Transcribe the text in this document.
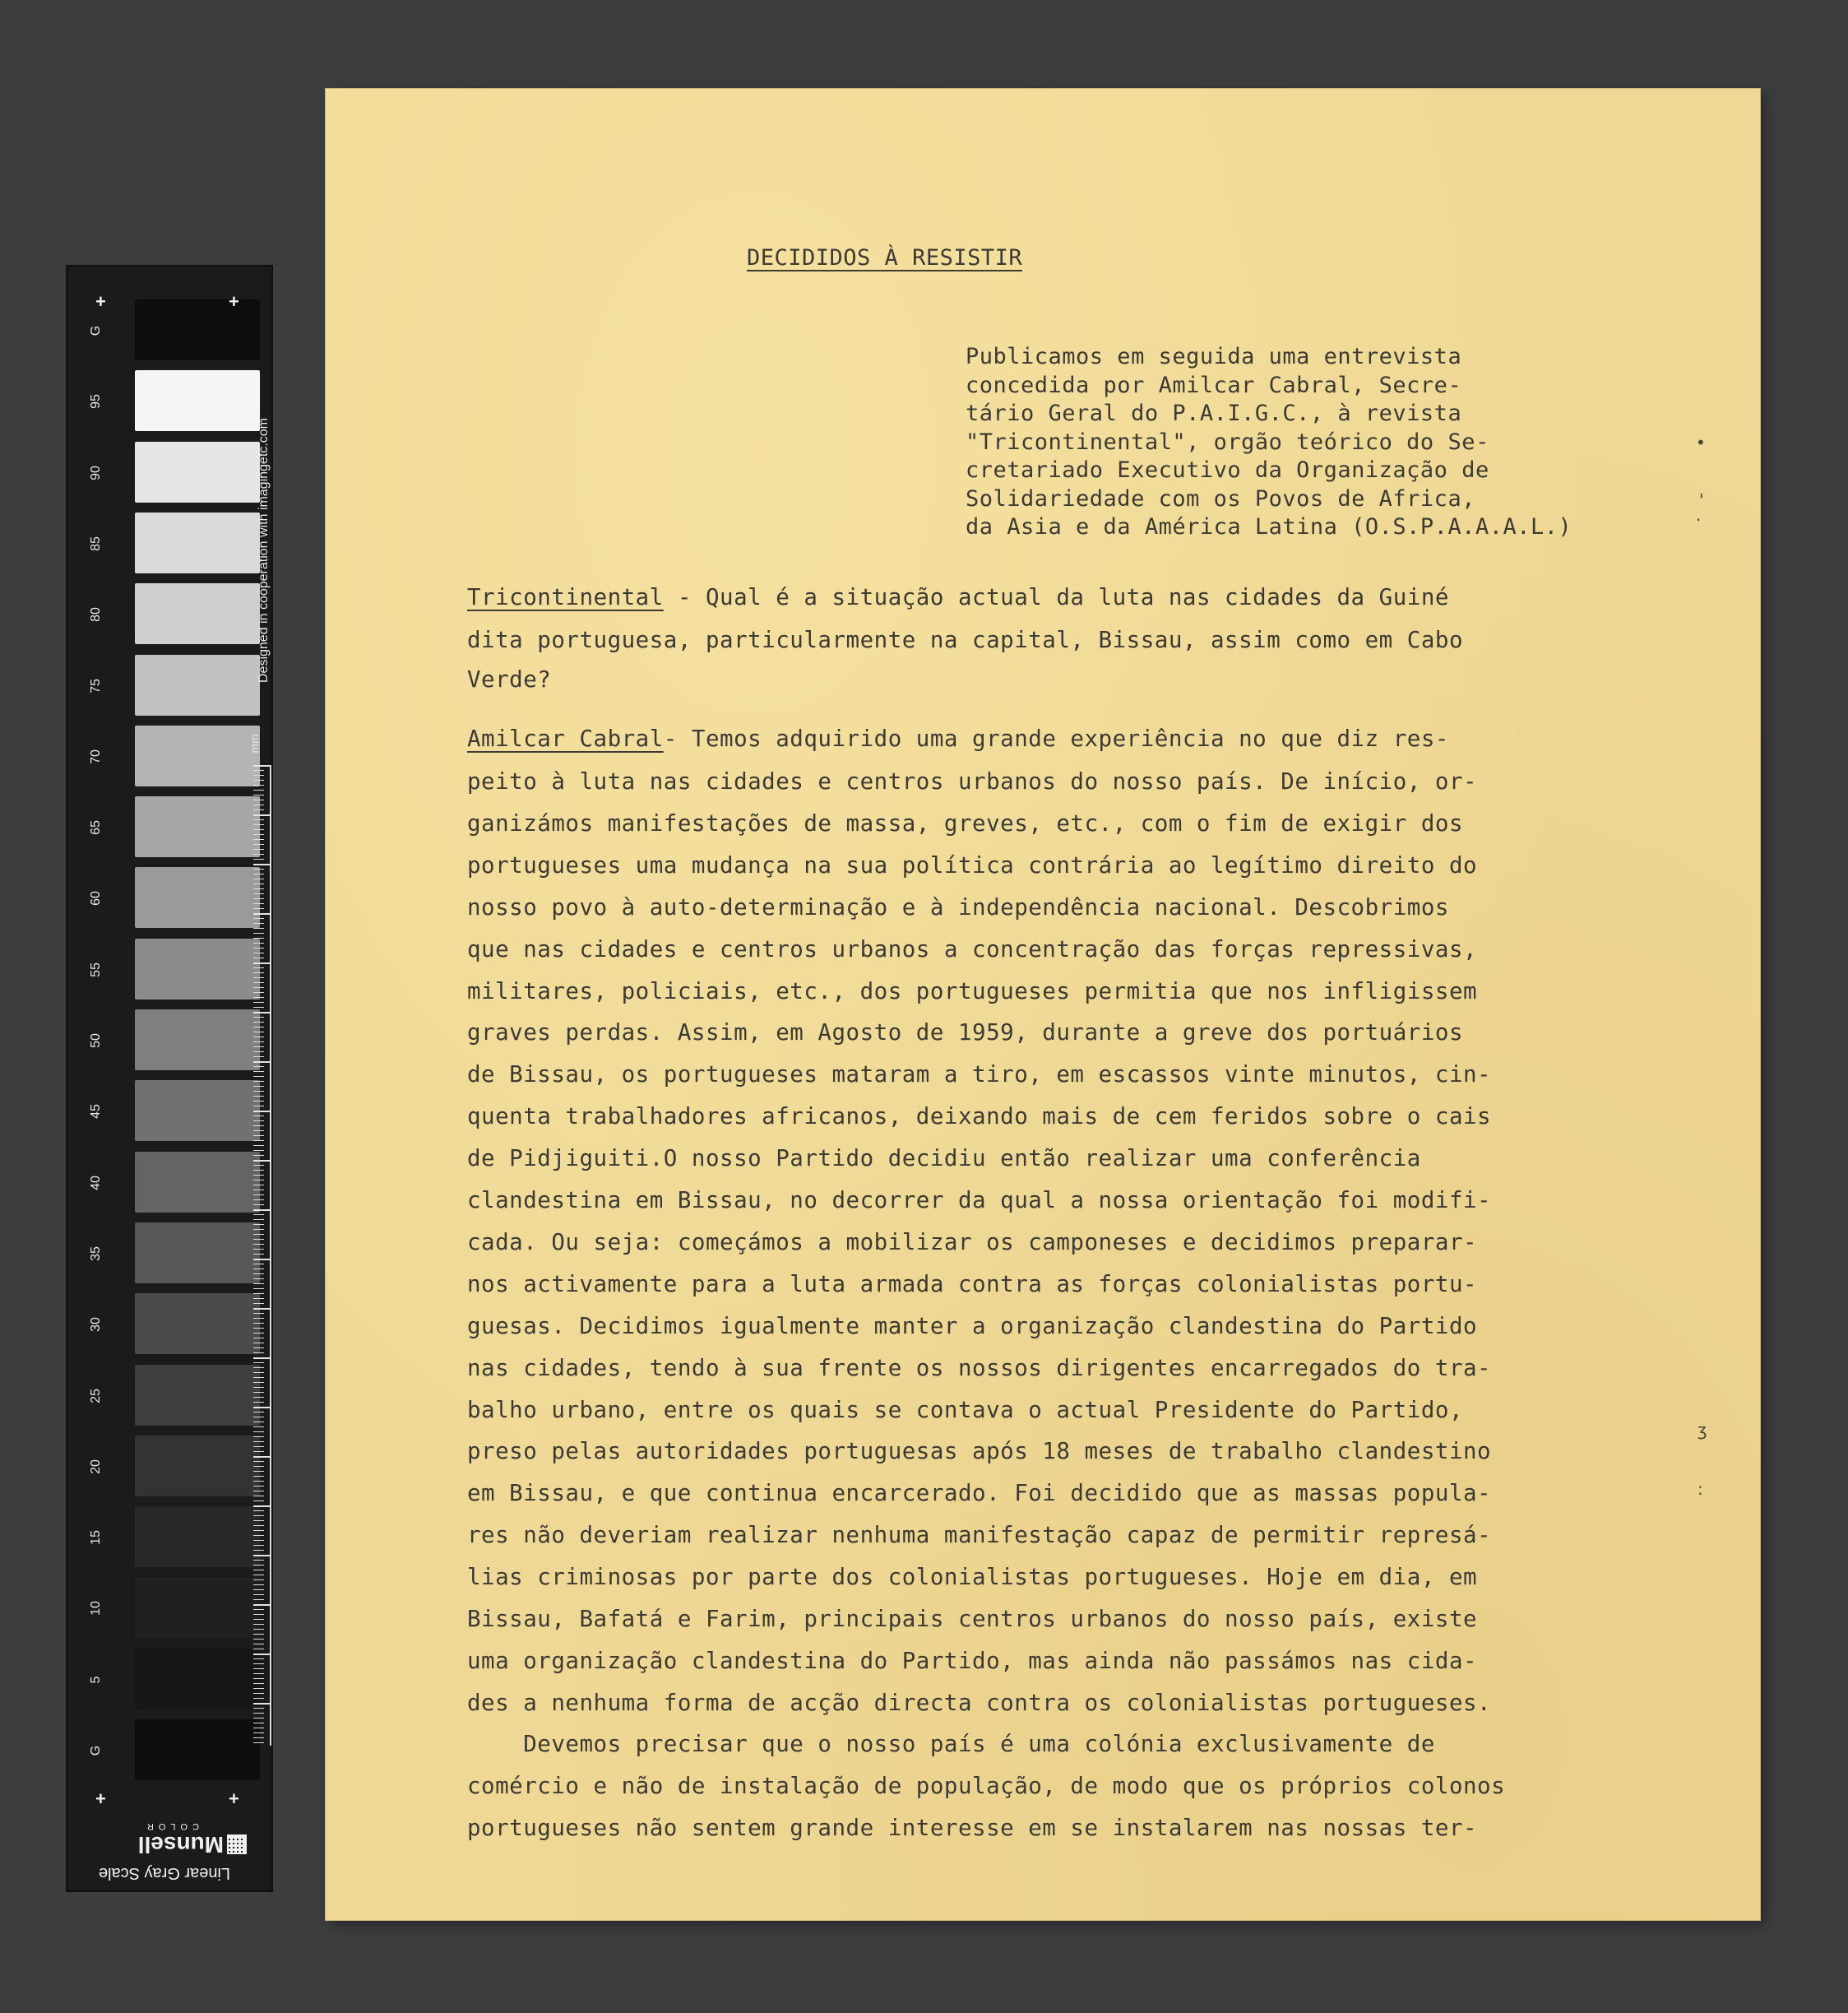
G
95
90
85
80
75
70
65
60
55
50
45
40
35
30
25
20
15
10
5
G
+	+
+	+
Designed in cooperation with imagingetc.com
mm
Linear Gray Scale
Munsell
COLOR
DECIDIDOS À RESISTIR
Publicamos em seguida uma entrevista
concedida por Amilcar Cabral, Secre-
tário Geral do P.A.I.G.C., à revista
"Tricontinental", orgão teórico do Se-
cretariado Executivo da Organização de
Solidariedade com os Povos de Africa,
da Asia e da América Latina (O.S.P.A.A.A.L.)
Tricontinental - Qual é a situação actual da luta nas cidades da Guiné
dita portuguesa, particularmente na capital, Bissau, assim como em Cabo
Verde?
Amilcar Cabral- Temos adquirido uma grande experiência no que diz res-
peito à luta nas cidades e centros urbanos do nosso país. De início, or-
ganizámos manifestações de massa, greves, etc., com o fim de exigir dos
portugueses uma mudança na sua política contrária ao legítimo direito do
nosso povo à auto-determinação e à independência nacional. Descobrimos
que nas cidades e centros urbanos a concentração das forças repressivas,
militares, policiais, etc., dos portugueses permitia que nos infligissem
graves perdas. Assim, em Agosto de 1959, durante a greve dos portuários
de Bissau, os portugueses mataram a tiro, em escassos vinte minutos, cin-
quenta trabalhadores africanos, deixando mais de cem feridos sobre o cais
de Pidjiguiti.O nosso Partido decidiu então realizar uma conferência
clandestina em Bissau, no decorrer da qual a nossa orientação foi modifi-
cada. Ou seja: começámos a mobilizar os camponeses e decidimos preparar-
nos activamente para a luta armada contra as forças colonialistas portu-
guesas. Decidimos igualmente manter a organização clandestina do Partido
nas cidades, tendo à sua frente os nossos dirigentes encarregados do tra-
balho urbano, entre os quais se contava o actual Presidente do Partido,
preso pelas autoridades portuguesas após 18 meses de trabalho clandestino
em Bissau, e que continua encarcerado. Foi decidido que as massas popula-
res não deveriam realizar nenhuma manifestação capaz de permitir represá-
lias criminosas por parte dos colonialistas portugueses. Hoje em dia, em
Bissau, Bafatá e Farim, principais centros urbanos do nosso país, existe
uma organização clandestina do Partido, mas ainda não passámos nas cida-
des a nenhuma forma de acção directa contra os colonialistas portugueses.
Devemos precisar que o nosso país é uma colónia exclusivamente de
comércio e não de instalação de população, de modo que os próprios colonos
portugueses não sentem grande interesse em se instalarem nas nossas ter-
•
'
·
ʒ
:
